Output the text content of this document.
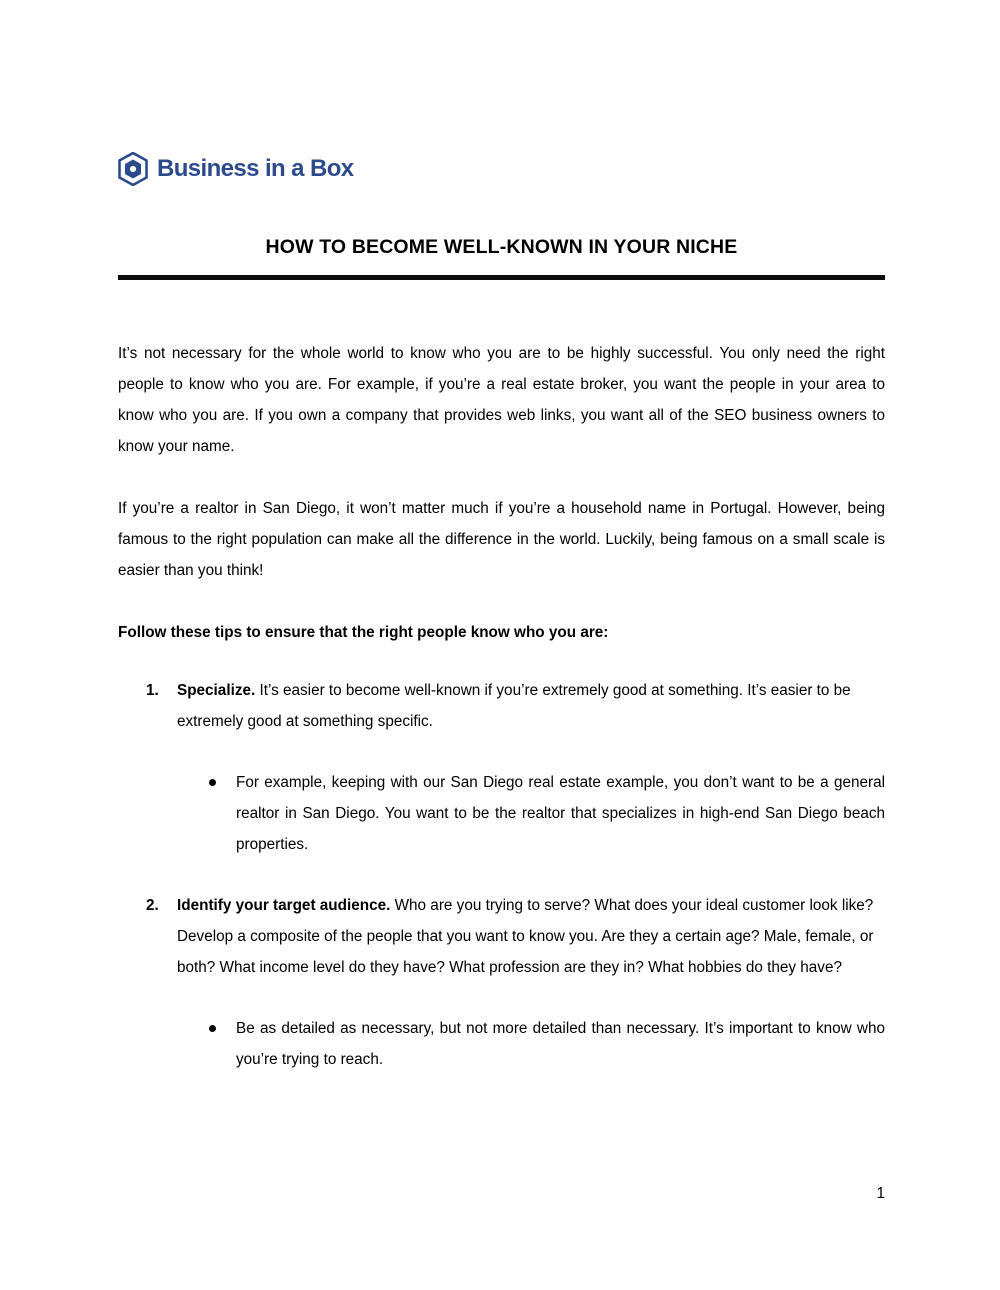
Business in a Box
HOW TO BECOME WELL-KNOWN IN YOUR NICHE

It’s not necessary for the whole world to know who you are to be highly successful. You only need the right people to know who you are. For example, if you’re a real estate broker, you want the people in your area to know who you are. If you own a company that provides web links, you want all of the SEO business owners to know your name.

If you’re a realtor in San Diego, it won’t matter much if you’re a household name in Portugal. However, being famous to the right population can make all the difference in the world. Luckily, being famous on a small scale is easier than you think!

Follow these tips to ensure that the right people know who you are:

1. Specialize. It’s easier to become well-known if you’re extremely good at something. It’s easier to be extremely good at something specific.
For example, keeping with our San Diego real estate example, you don’t want to be a general realtor in San Diego. You want to be the realtor that specializes in high-end San Diego beach properties.
2. Identify your target audience. Who are you trying to serve? What does your ideal customer look like? Develop a composite of the people that you want to know you. Are they a certain age? Male, female, or both? What income level do they have? What profession are they in? What hobbies do they have?
Be as detailed as necessary, but not more detailed than necessary. It’s important to know who you’re trying to reach.
1
